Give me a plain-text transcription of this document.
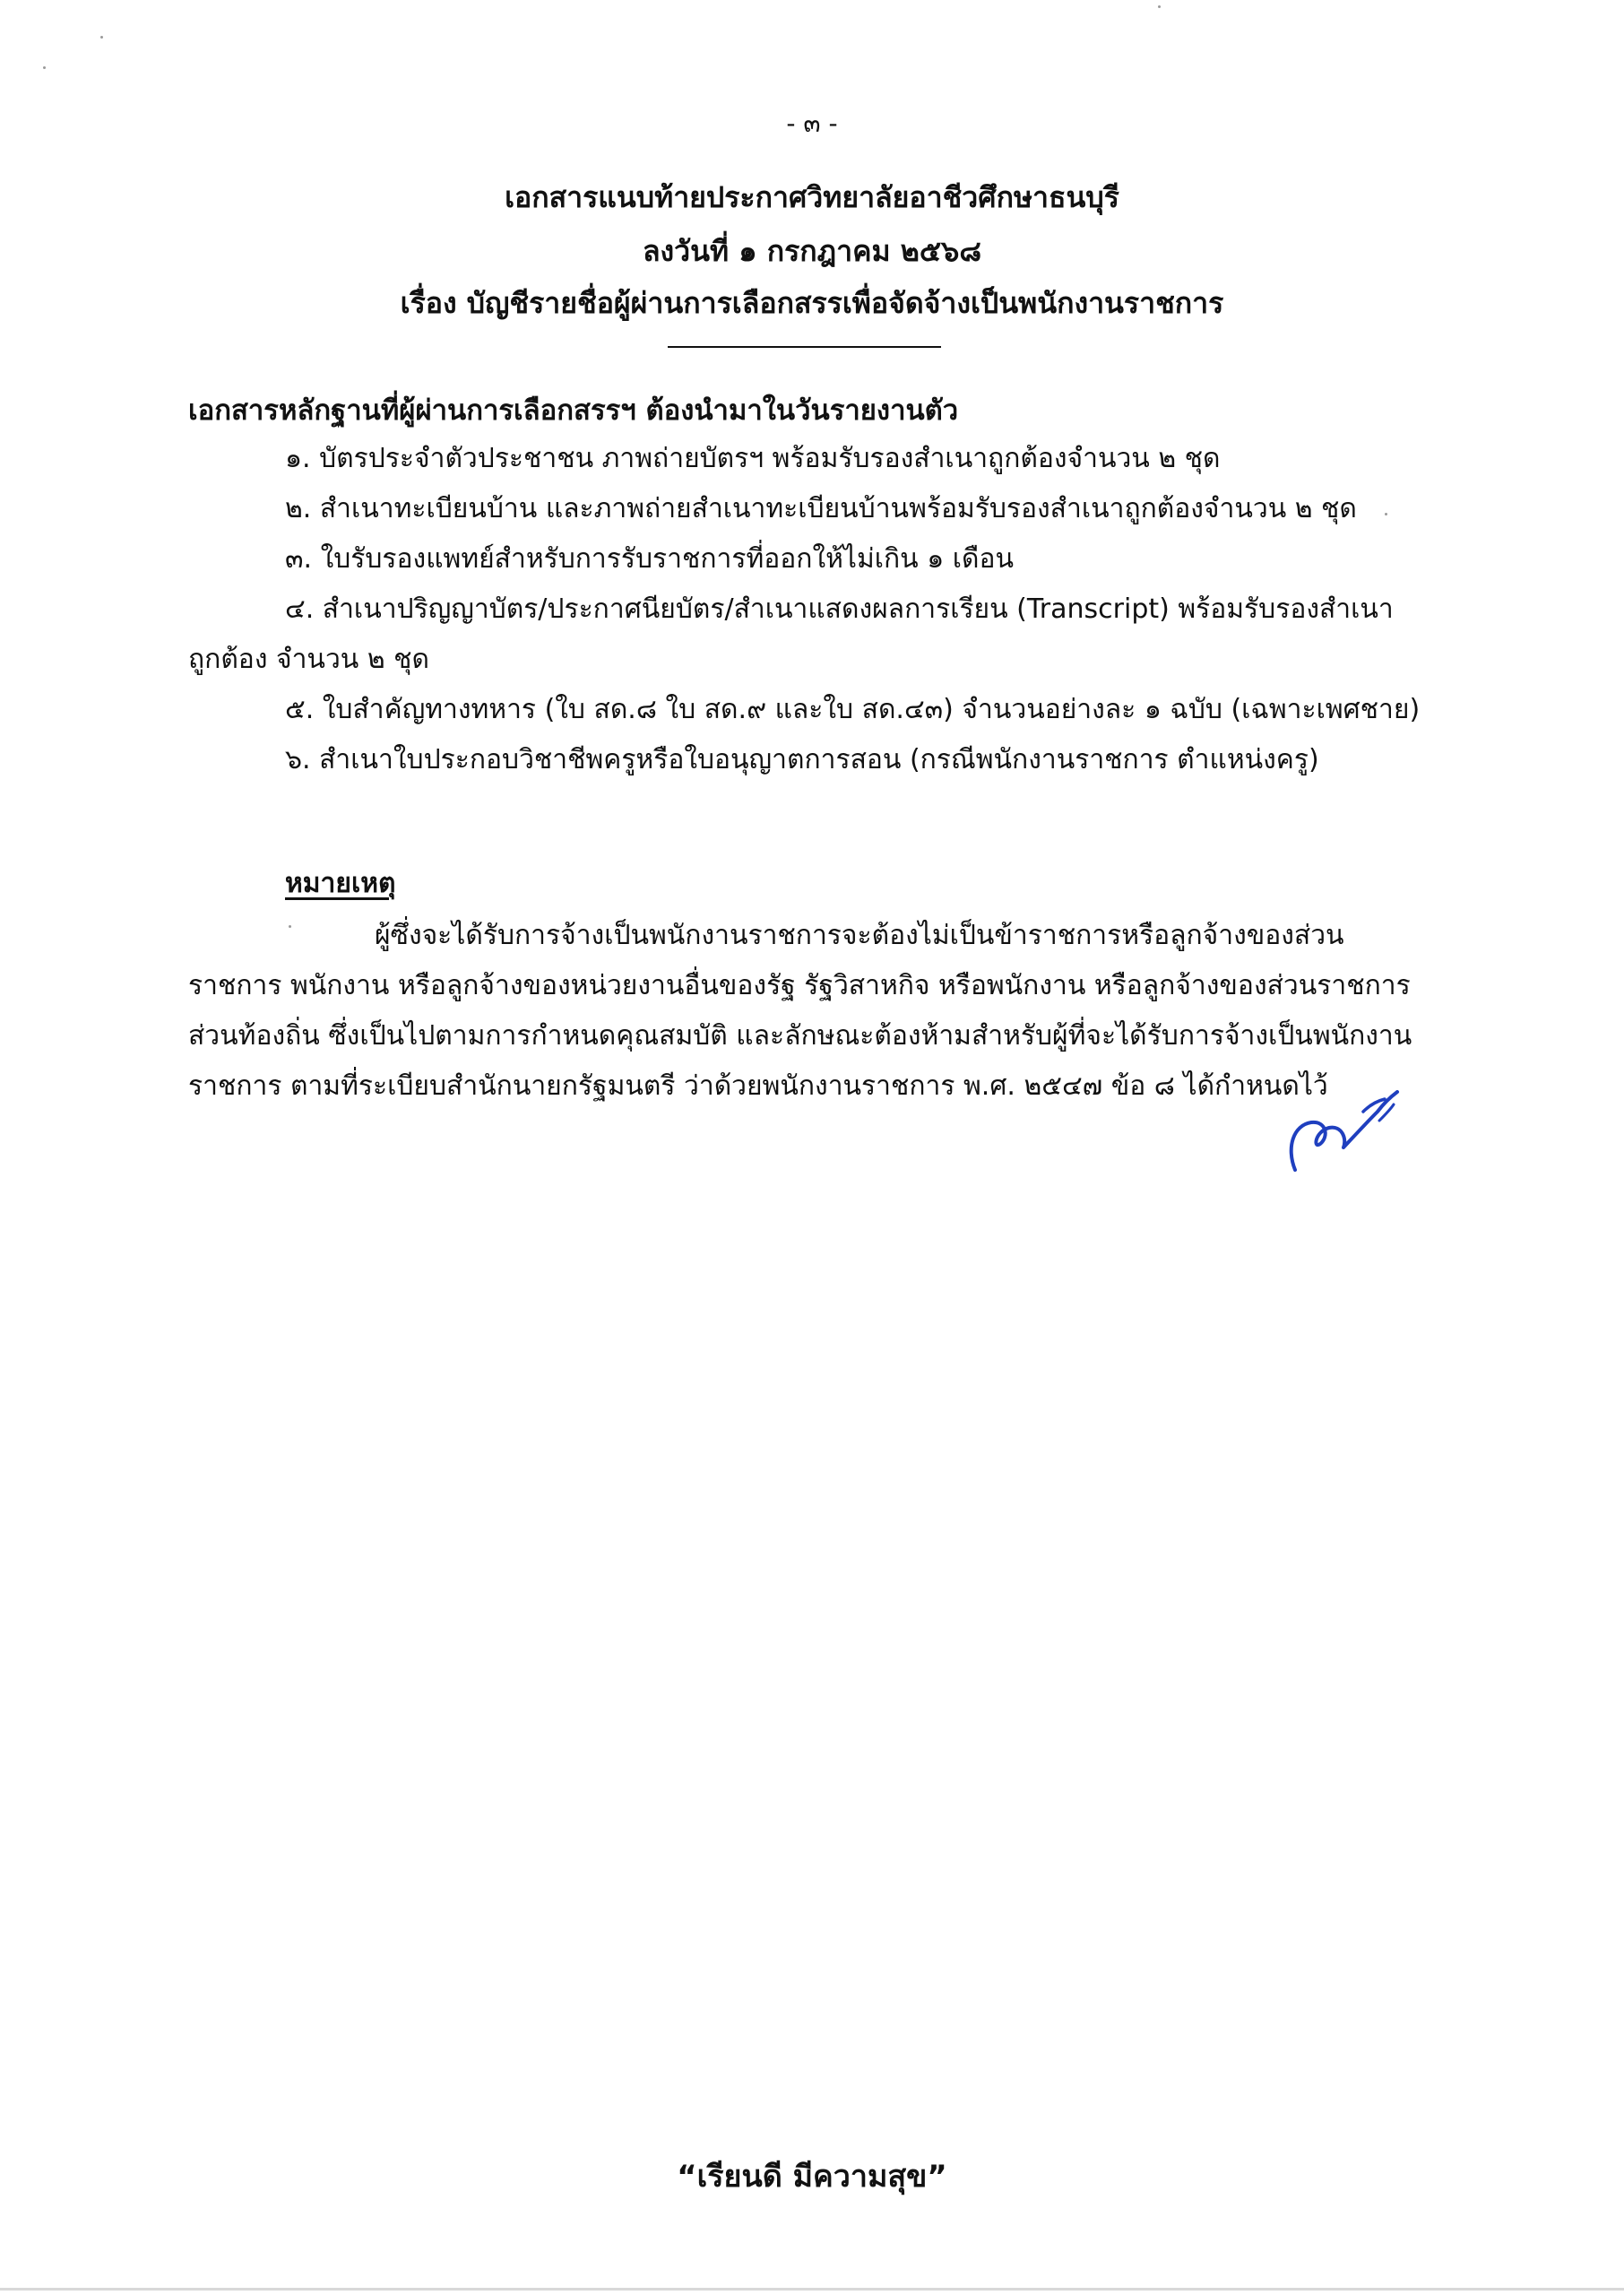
- ๓ -
เอกสารแนบท้ายประกาศวิทยาลัยอาชีวศึกษาธนบุรี
ลงวันที่ ๑ กรกฎาคม ๒๕๖๘
เรื่อง บัญชีรายชื่อผู้ผ่านการเลือกสรรเพื่อจัดจ้างเป็นพนักงานราชการ
เอกสารหลักฐานที่ผู้ผ่านการเลือกสรรฯ ต้องนำมาในวันรายงานตัว
๑. บัตรประจำตัวประชาชน ภาพถ่ายบัตรฯ พร้อมรับรองสำเนาถูกต้องจำนวน ๒ ชุด
๒. สำเนาทะเบียนบ้าน และภาพถ่ายสำเนาทะเบียนบ้านพร้อมรับรองสำเนาถูกต้องจำนวน ๒ ชุด
๓. ใบรับรองแพทย์สำหรับการรับราชการที่ออกให้ไม่เกิน ๑ เดือน
๔. สำเนาปริญญาบัตร/ประกาศนียบัตร/สำเนาแสดงผลการเรียน (Transcript) พร้อมรับรองสำเนา
ถูกต้อง จำนวน ๒ ชุด
๕. ใบสำคัญทางทหาร (ใบ สด.๘ ใบ สด.๙ และใบ สด.๔๓) จำนวนอย่างละ ๑ ฉบับ (เฉพาะเพศชาย)
๖. สำเนาใบประกอบวิชาชีพครูหรือใบอนุญาตการสอน (กรณีพนักงานราชการ ตำแหน่งครู)
หมายเหตุ
ผู้ซึ่งจะได้รับการจ้างเป็นพนักงานราชการจะต้องไม่เป็นข้าราชการหรือลูกจ้างของส่วน
ราชการ พนักงาน หรือลูกจ้างของหน่วยงานอื่นของรัฐ รัฐวิสาหกิจ หรือพนักงาน หรือลูกจ้างของส่วนราชการ
ส่วนท้องถิ่น ซึ่งเป็นไปตามการกำหนดคุณสมบัติ และลักษณะต้องห้ามสำหรับผู้ที่จะได้รับการจ้างเป็นพนักงาน
ราชการ ตามที่ระเบียบสำนักนายกรัฐมนตรี ว่าด้วยพนักงานราชการ พ.ศ. ๒๕๔๗ ข้อ ๘ ได้กำหนดไว้
“เรียนดี มีความสุข”
